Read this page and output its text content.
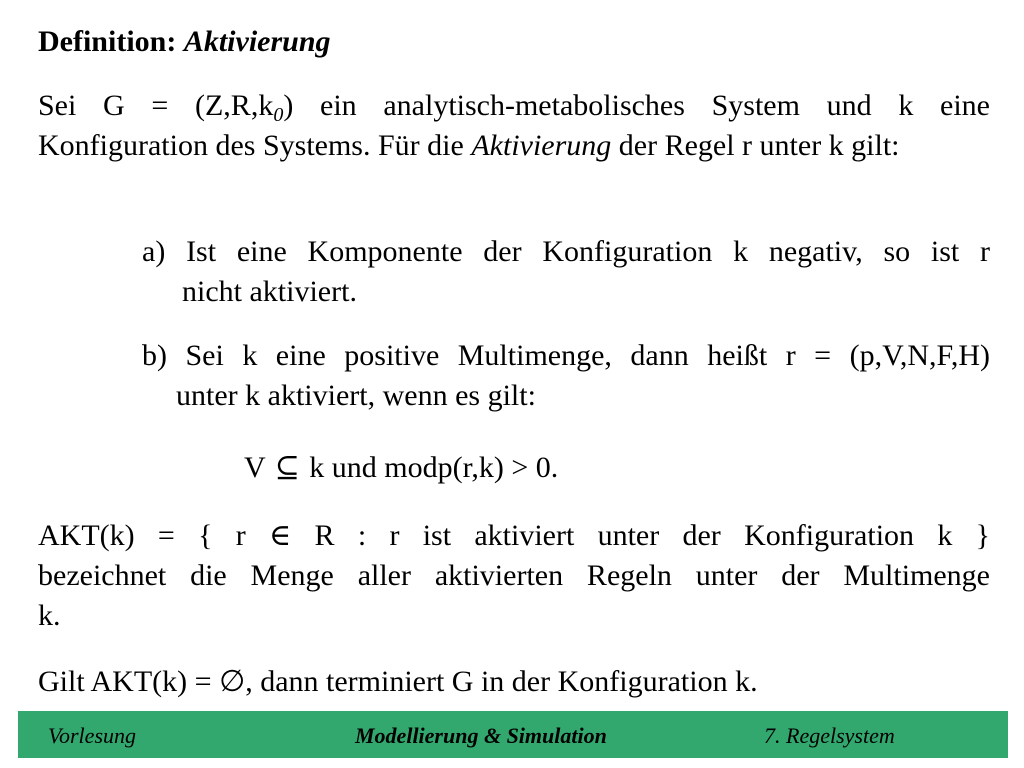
Definition: Aktivierung
Sei $G = (Z,R,k_0)$ ein analytisch-metabolisches System und k eine Konfiguration des Systems. Für die Aktivierung der Regel r unter k gilt:
a) Ist eine Komponente der Konfiguration k negativ, so ist r
nicht aktiviert.
b) Sei k eine positive Multimenge, dann heißt r = (p,V,N,F,H)
unter k aktiviert, wenn es gilt:
V ⊆ k und modp(r,k) > 0.
AKT(k) = { r ∈ R : r ist aktiviert unter der Konfiguration k }
bezeichnet die Menge aller aktivierten Regeln unter der Multimenge
k.
Gilt AKT(k) = ∅, dann terminiert G in der Konfiguration k.
Vorlesung	Modellierung & Simulation	7. Regelsystem
